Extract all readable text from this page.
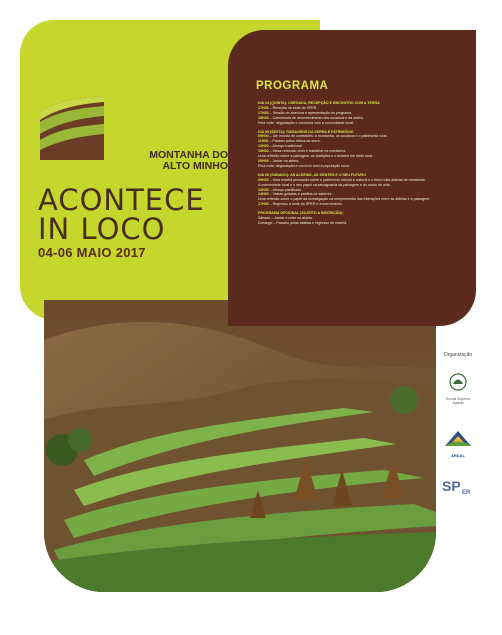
MONTANHA DO
ALTO MINHO
ACONTECE
IN LOCO
04-06 MAIO 2017
PROGRAMA
DIA 04 (QUINTA): CHEGADA, RECEPÇÃO E ENCONTRO COM A TERRA
17H00 – Receção na sede da SPER.
17H30 – Sessão de abertura e apresentação do programa.
18H30 – Caminhada de reconhecimento dos socalcos e da aldeia.
Pela noite, degustação e conversa com a comunidade local.
DIA 05 (SEXTA): PAISAGENS DA SERRA E PATRIMÓNIO
09H00 – Um mundo de contrastes: a montanha, os socalcos e o património rural.
11H00 – Passeio pelos trilhos da serra.
13H00 – Almoço tradicional.
15H00 – Mesa redonda: viver e trabalhar na montanha.
Uma reflexão sobre a paisagem, as tradições e o turismo em meio rural.
20H00 – Jantar na aldeia.
Pela noite, degustação e convívio com a população local.
DIA 06 (SÁBADO): AS ALDEIAS, AS GENTES E O SEU FUTURO
09H00 – Uma manhã pensando sobre o património natural e cultural e o futuro das aldeias de montanha.
A comunidade local e o seu papel na salvaguarda da paisagem e do modo de vida.
12H00 – Almoço partilhado.
14H00 – Visitas guiadas e partilha de saberes.
Uma reflexão sobre o papel da investigação na compreensão das interações entre as aldeias e a paisagem.
17H00 – Regresso à sede da SPER e encerramento.
PROGRAMA OPCIONAL (SUJEITO A INSCRIÇÃO):
Sábado – Jantar e noite na aldeia.
Domingo – Passeio pelas aldeias e regresso de manhã.
Organização
Escola Superior
Agrária
ARDAL
SP ER
